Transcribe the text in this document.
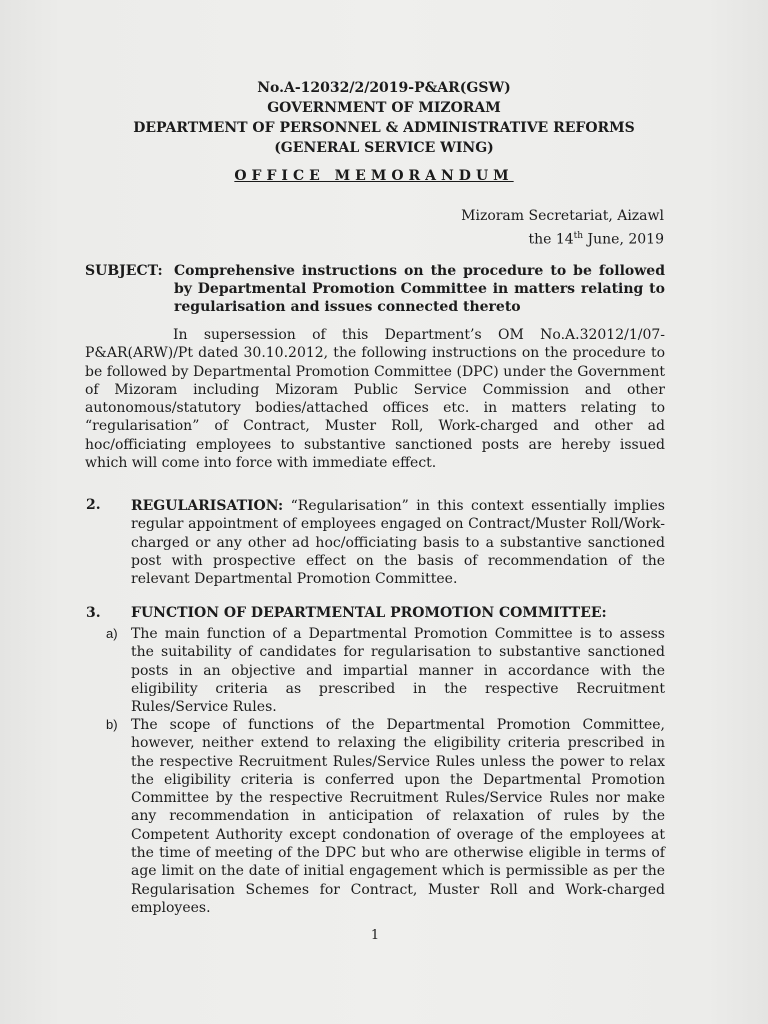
No.A-12032/2/2019-P&AR(GSW)
GOVERNMENT OF MIZORAM
DEPARTMENT OF PERSONNEL & ADMINISTRATIVE REFORMS
(GENERAL SERVICE WING)
OFFICE MEMORANDUM
Mizoram Secretariat, Aizawl
the 14th June, 2019
SUBJECT: Comprehensive instructions on the procedure to be followed by Departmental Promotion Committee in matters relating to regularisation and issues connected thereto
In supersession of this Department’s OM No.A.32012/1/07-P&AR(ARW)/Pt dated 30.10.2012, the following instructions on the procedure to be followed by Departmental Promotion Committee (DPC) under the Government of Mizoram including Mizoram Public Service Commission and other autonomous/statutory bodies/attached offices etc. in matters relating to “regularisation” of Contract, Muster Roll, Work-charged and other ad hoc/officiating employees to substantive sanctioned posts are hereby issued which will come into force with immediate effect.
2. REGULARISATION: “Regularisation” in this context essentially implies regular appointment of employees engaged on Contract/Muster Roll/Work-charged or any other ad hoc/officiating basis to a substantive sanctioned post with prospective effect on the basis of recommendation of the relevant Departmental Promotion Committee.
3. FUNCTION OF DEPARTMENTAL PROMOTION COMMITTEE:
a) The main function of a Departmental Promotion Committee is to assess the suitability of candidates for regularisation to substantive sanctioned posts in an objective and impartial manner in accordance with the eligibility criteria as prescribed in the respective Recruitment Rules/Service Rules.
b) The scope of functions of the Departmental Promotion Committee, however, neither extend to relaxing the eligibility criteria prescribed in the respective Recruitment Rules/Service Rules unless the power to relax the eligibility criteria is conferred upon the Departmental Promotion Committee by the respective Recruitment Rules/Service Rules nor make any recommendation in anticipation of relaxation of rules by the Competent Authority except condonation of overage of the employees at the time of meeting of the DPC but who are otherwise eligible in terms of age limit on the date of initial engagement which is permissible as per the Regularisation Schemes for Contract, Muster Roll and Work-charged employees.
1
